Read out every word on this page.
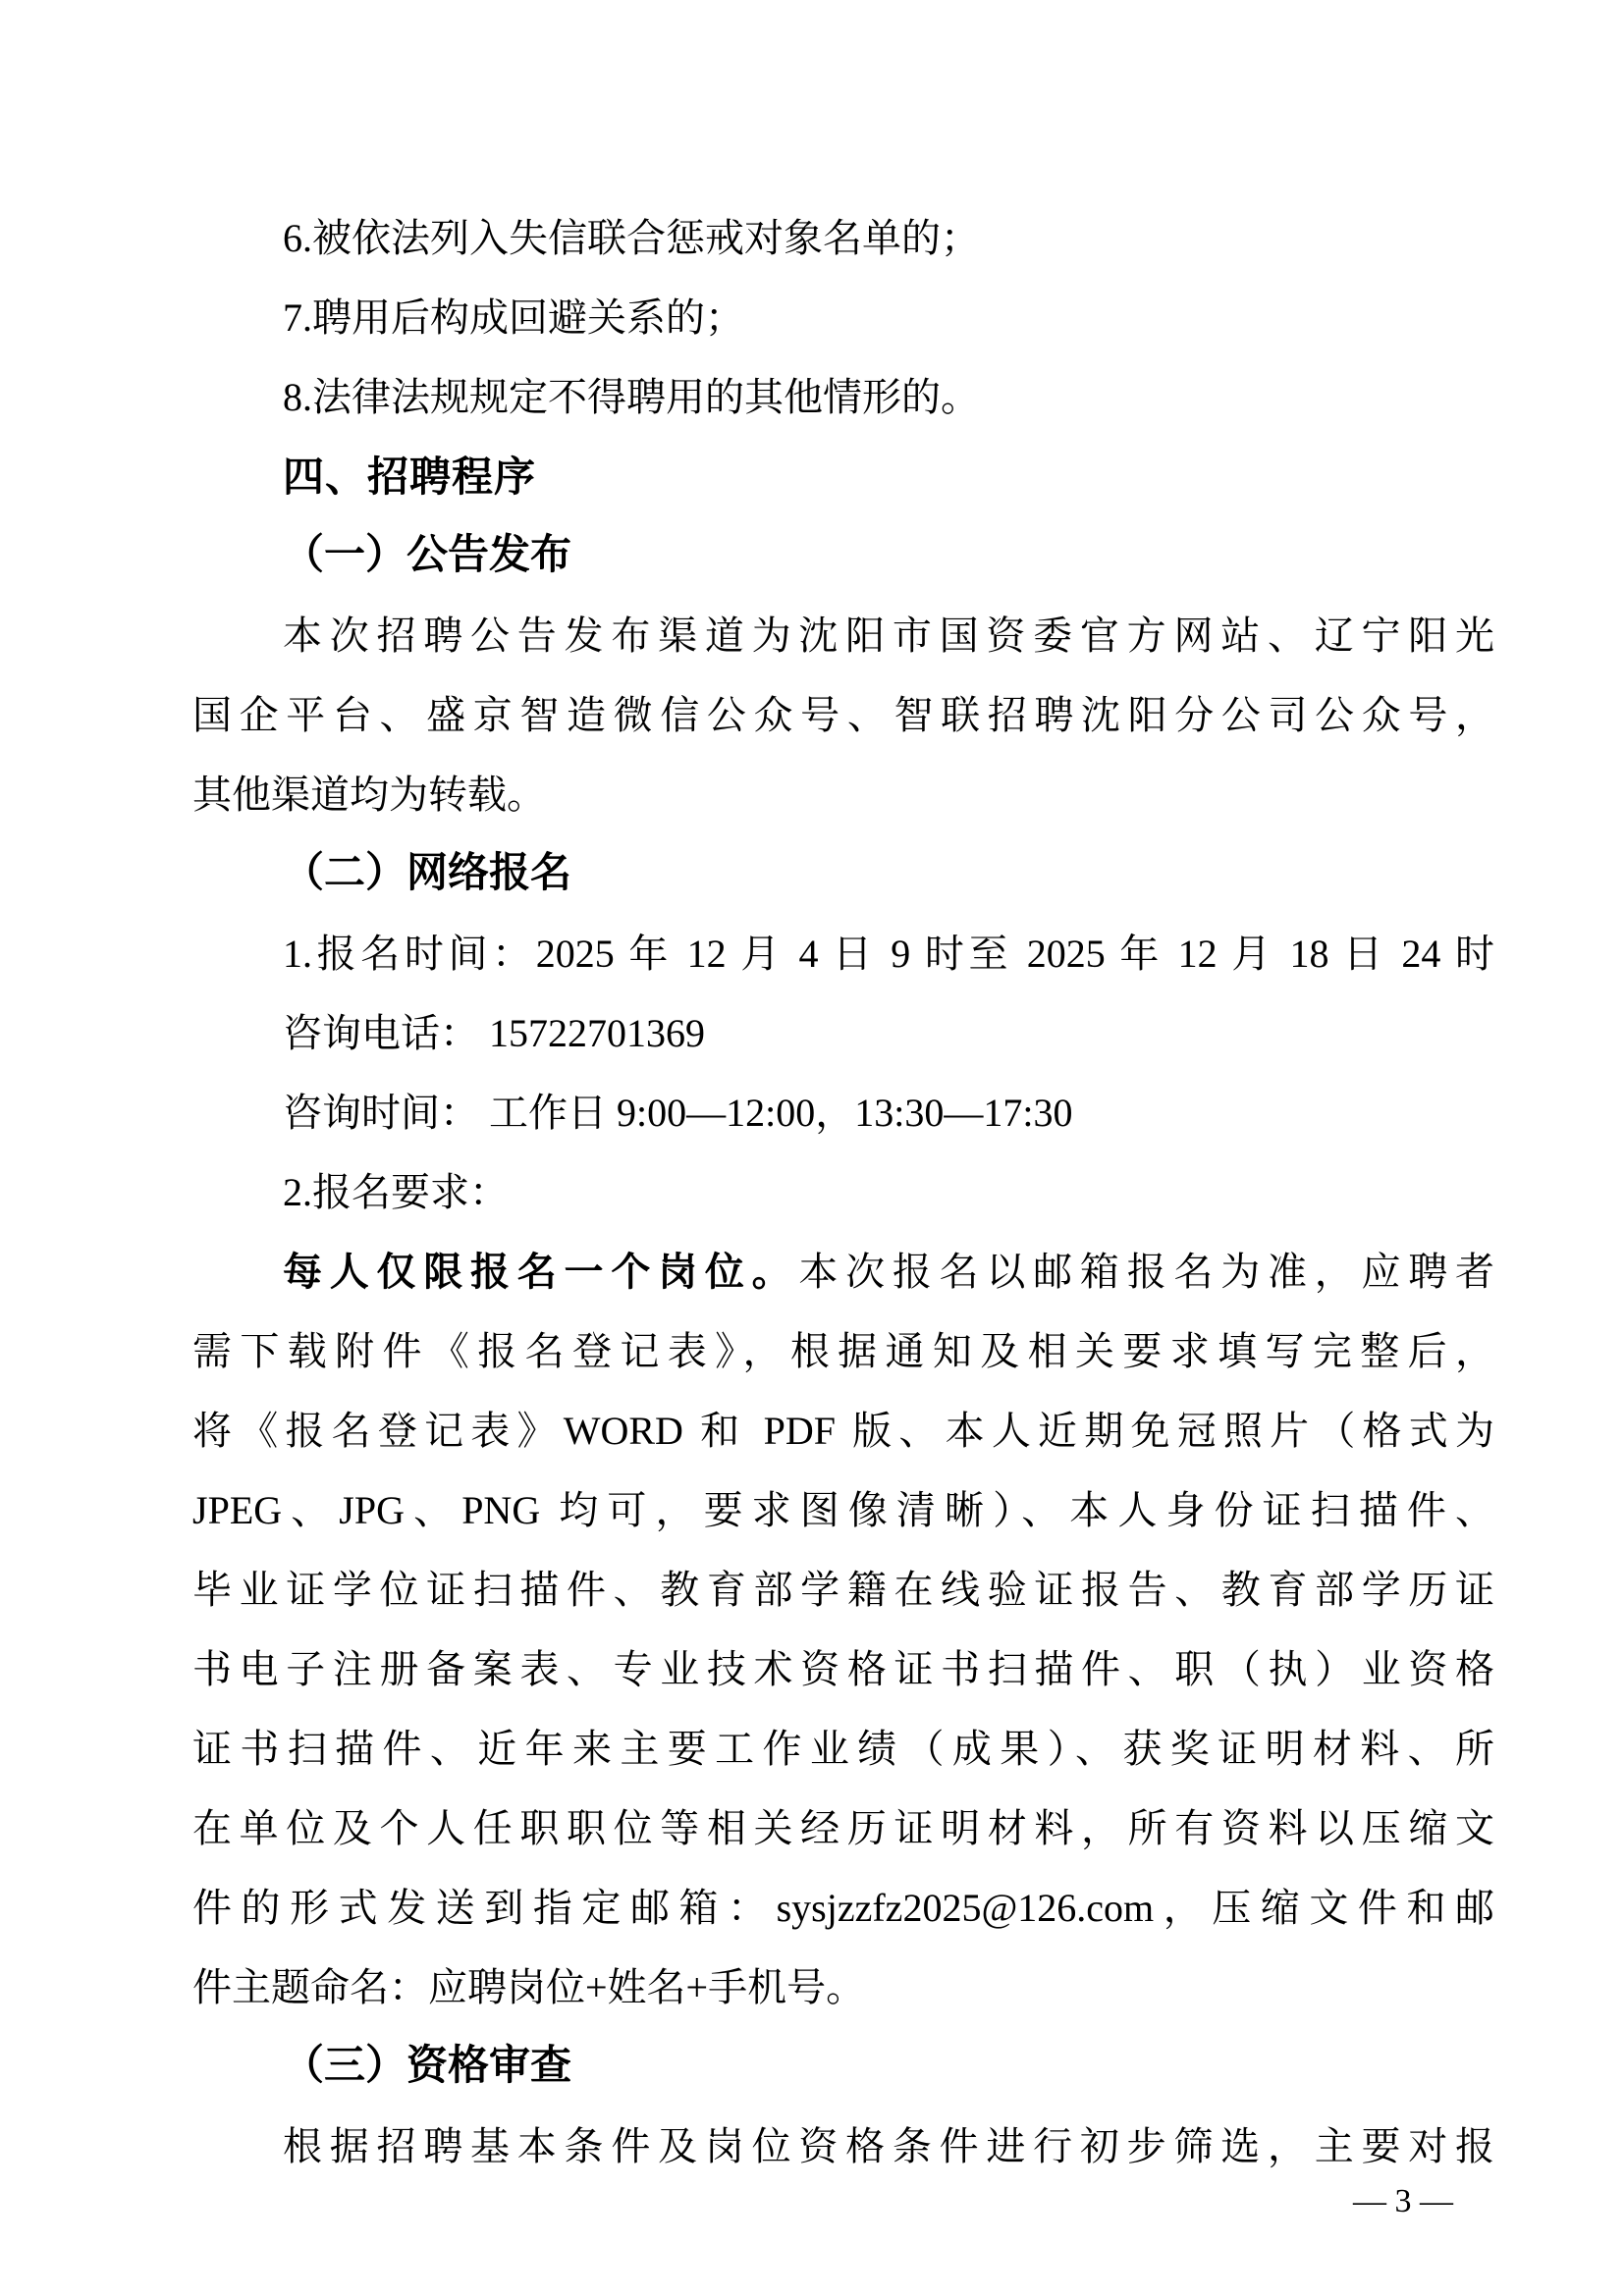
6.被依法列入失信联合惩戒对象名单的；
7.聘用后构成回避关系的；
8.法律法规规定不得聘用的其他情形的。
四、招聘程序
（一）公告发布
本次招聘公告发布渠道为沈阳市国资委官方网站、辽宁阳光
国企平台、盛京智造微信公众号、智联招聘沈阳分公司公众号，
其他渠道均为转载。
（二）网络报名
1.报名时间：2025 年 12 月 4 日 9 时至 2025 年 12 月 18 日 24 时
咨询电话： 15722701369
咨询时间： 工作日 9:00—12:00，13:30—17:30
2.报名要求：
每人仅限报名一个岗位。本次报名以邮箱报名为准，应聘者
需下载附件《报名登记表》，根据通知及相关要求填写完整后，
将《报名登记表》WORD 和 PDF 版、本人近期免冠照片（格式为
JPEG、JPG、PNG 均可，要求图像清晰）、本人身份证扫描件、
毕业证学位证扫描件、教育部学籍在线验证报告、教育部学历证
书电子注册备案表、专业技术资格证书扫描件、职（执）业资格
证书扫描件、近年来主要工作业绩（成果）、获奖证明材料、所
在单位及个人任职职位等相关经历证明材料，所有资料以压缩文
件的形式发送到指定邮箱：sysjzzfz2025@126.com，压缩文件和邮
件主题命名：应聘岗位+姓名+手机号。
（三）资格审查
根据招聘基本条件及岗位资格条件进行初步筛选，主要对报

— 3 —
